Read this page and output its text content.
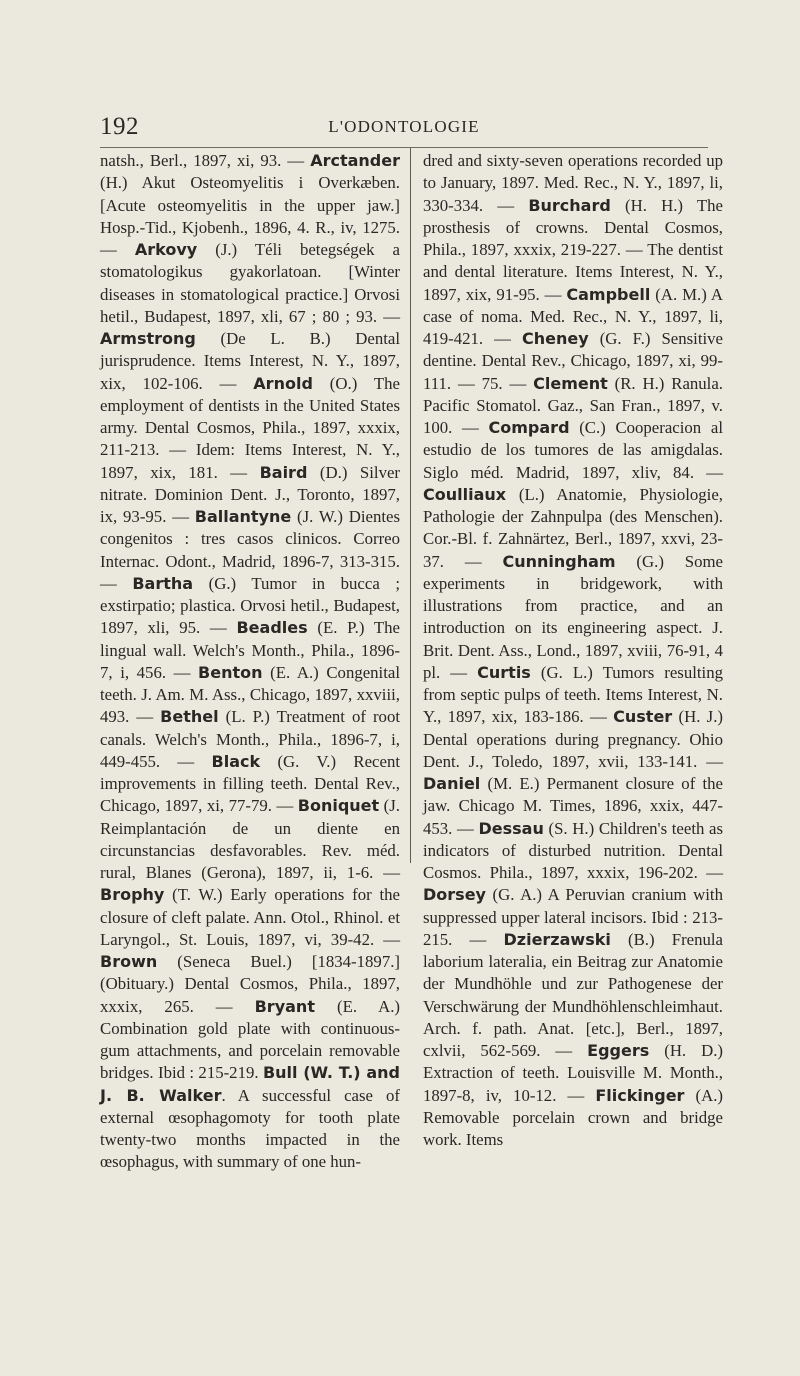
192	L'ODONTOLOGIE
natsh., Berl., 1897, xi, 93. — Arctander (H.) Akut Osteomyelitis i Overkæben. [Acute osteomyelitis in the upper jaw.] Hosp.-Tid., Kjobenh., 1896, 4. R., iv, 1275. — Arkovy (J.) Téli betegségek a stomatologikus gyakorlatoan. [Winter diseases in stomatological practice.] Orvosi hetil., Budapest, 1897, xli, 67 ; 80 ; 93. — Armstrong (De L. B.) Dental jurisprudence. Items Interest, N. Y., 1897, xix, 102-106. — Arnold (O.) The employment of dentists in the United States army. Dental Cosmos, Phila., 1897, xxxix, 211-213. — Idem: Items Interest, N. Y., 1897, xix, 181. — Baird (D.) Silver nitrate. Dominion Dent. J., Toronto, 1897, ix, 93-95. — Ballantyne (J. W.) Dientes congenitos : tres casos clinicos. Correo Internac. Odont., Madrid, 1896-7, 313-315. — Bartha (G.) Tumor in bucca ; exstirpatio; plastica. Orvosi hetil., Budapest, 1897, xli, 95. — Beadles (E. P.) The lingual wall. Welch's Month., Phila., 1896-7, i, 456. — Benton (E. A.) Congenital teeth. J. Am. M. Ass., Chicago, 1897, xxviii, 493. — Bethel (L. P.) Treatment of root canals. Welch's Month., Phila., 1896-7, i, 449-455. — Black (G. V.) Recent improvements in filling teeth. Dental Rev., Chicago, 1897, xi, 77-79. — Boniquet (J. Reimplantación de un diente en circunstancias desfavorables. Rev. méd. rural, Blanes (Gerona), 1897, ii, 1-6. — Brophy (T. W.) Early operations for the closure of cleft palate. Ann. Otol., Rhinol. et Laryngol., St. Louis, 1897, vi, 39-42. — Brown (Seneca Buel.) [1834-1897.] (Obituary.) Dental Cosmos, Phila., 1897, xxxix, 265. — Bryant (E. A.) Combination gold plate with continuous-gum attachments, and porcelain removable bridges. Ibid : 215-219. Bull (W. T.) and J. B. Walker. A successful case of external œsophagomoty for tooth plate twenty-two months impacted in the œsophagus, with summary of one hun-
dred and sixty-seven operations recorded up to January, 1897. Med. Rec., N. Y., 1897, li, 330-334. — Burchard (H. H.) The prosthesis of crowns. Dental Cosmos, Phila., 1897, xxxix, 219-227. — The dentist and dental literature. Items Interest, N. Y., 1897, xix, 91-95. — Campbell (A. M.) A case of noma. Med. Rec., N. Y., 1897, li, 419-421. — Cheney (G. F.) Sensitive dentine. Dental Rev., Chicago, 1897, xi, 99-111. — 75. — Clement (R. H.) Ranula. Pacific Stomatol. Gaz., San Fran., 1897, v. 100. — Compard (C.) Cooperacion al estudio de los tumores de las amigdalas. Siglo méd. Madrid, 1897, xliv, 84. — Coulliaux (L.) Anatomie, Physiologie, Pathologie der Zahnpulpa (des Menschen). Cor.-Bl. f. Zahnärtez, Berl., 1897, xxvi, 23-37. — Cunningham (G.) Some experiments in bridgework, with illustrations from practice, and an introduction on its engineering aspect. J. Brit. Dent. Ass., Lond., 1897, xviii, 76-91, 4 pl. — Curtis (G. L.) Tumors resulting from septic pulps of teeth. Items Interest, N. Y., 1897, xix, 183-186. — Custer (H. J.) Dental operations during pregnancy. Ohio Dent. J., Toledo, 1897, xvii, 133-141. — Daniel (M. E.) Permanent closure of the jaw. Chicago M. Times, 1896, xxix, 447-453. — Dessau (S. H.) Children's teeth as indicators of disturbed nutrition. Dental Cosmos. Phila., 1897, xxxix, 196-202. — Dorsey (G. A.) A Peruvian cranium with suppressed upper lateral incisors. Ibid : 213-215. — Dzierzawski (B.) Frenula laborium lateralia, ein Beitrag zur Anatomie der Mundhöhle und zur Pathogenese der Verschwärung der Mundhöhlenschleimhaut. Arch. f. path. Anat. [etc.], Berl., 1897, cxlvii, 562-569. — Eggers (H. D.) Extraction of teeth. Louisville M. Month., 1897-8, iv, 10-12. — Flickinger (A.) Removable porcelain crown and bridge work. Items
